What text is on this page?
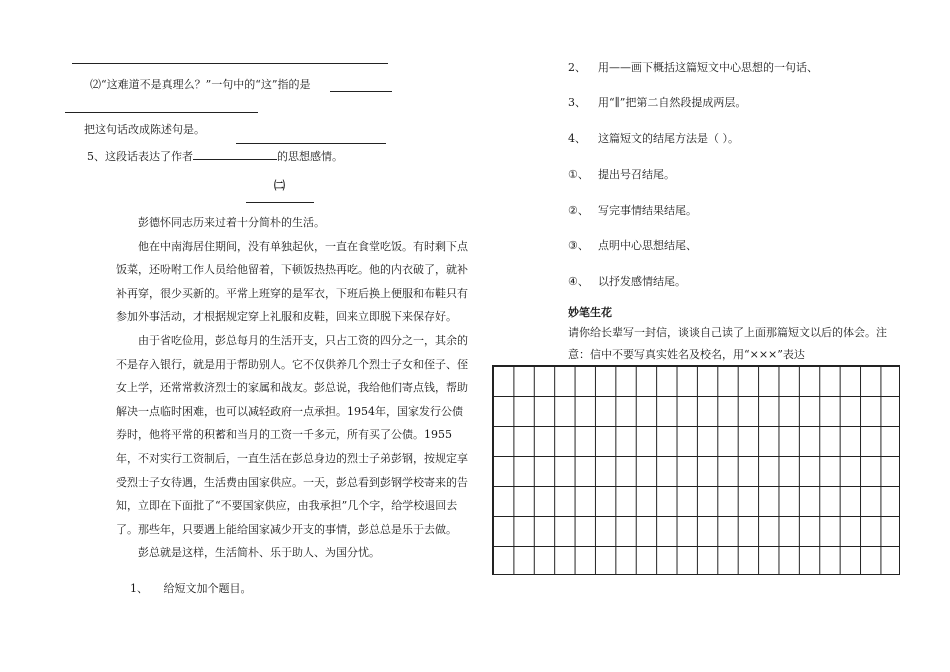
⑵“这难道不是真理么？”一句中的“这”指的是
把这句话改成陈述句是。
5、这段话表达了作者	的思想感情。
㈡
彭德怀同志历来过着十分简朴的生活。
他在中南海居住期间，没有单独起伙，一直在食堂吃饭。有时剩下点饭菜，还吩咐工作人员给他留着，下顿饭热热再吃。他的内衣破了，就补补再穿，很少买新的。平常上班穿的是军衣，下班后换上便服和布鞋只有参加外事活动，才根据规定穿上礼服和皮鞋，回来立即脱下来保存好。
由于省吃俭用，彭总每月的生活开支，只占工资的四分之一，其余的不是存入银行，就是用于帮助别人。它不仅供养几个烈士子女和侄子、侄女上学，还常常救济烈士的家属和战友。彭总说，我给他们寄点钱，帮助解决一点临时困难，也可以减轻政府一点承担。1954年，国家发行公债券时，他将平常的积蓄和当月的工资一千多元，所有买了公债。1955年，不对实行工资制后，一直生活在彭总身边的烈士子弟彭钢，按规定享受烈士子女待遇，生活费由国家供应。一天，彭总看到彭钢学校寄来的告知，立即在下面批了“不要国家供应，由我承担”几个字，给学校退回去了。那些年，只要遇上能给国家减少开支的事情，彭总总是乐于去做。
彭总就是这样，生活简朴、乐于助人、为国分忧。
1、 给短文加个题目。
2、 用——画下概括这篇短文中心思想的一句话、
3、 用“∥”把第二自然段提成两层。
4、 这篇短文的结尾方法是（ ）。
①、 提出号召结尾。
②、 写完事情结果结尾。
③、 点明中心思想结尾、
④、 以抒发感情结尾。
妙笔生花
请你给长辈写一封信，谈谈自己读了上面那篇短文以后的体会。注
意：信中不要写真实姓名及校名，用“×××”表达
